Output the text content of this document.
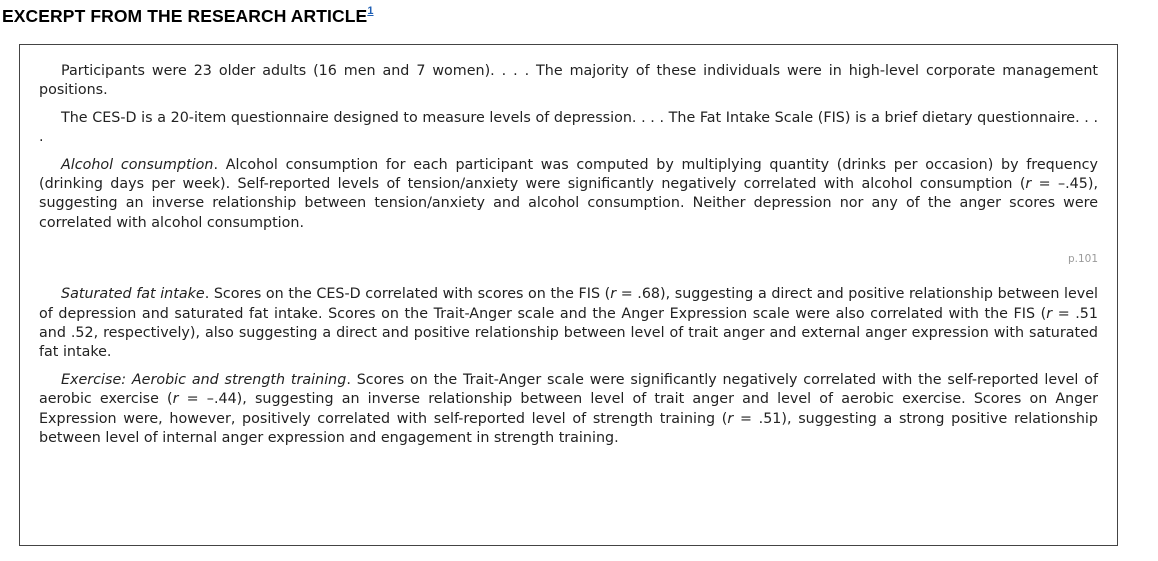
EXCERPT FROM THE RESEARCH ARTICLE$^1$

Participants were 23 older adults (16 men and 7 women). . . . The majority of these individuals were in high-level corporate management positions.

The CES-D is a 20-item questionnaire designed to measure levels of depression. . . . The Fat Intake Scale (FIS) is a brief dietary questionnaire. . . .

Alcohol consumption. Alcohol consumption for each participant was computed by multiplying quantity (drinks per occasion) by frequency (drinking days per week). Self-reported levels of tension/anxiety were significantly negatively correlated with alcohol consumption (r = –.45), suggesting an inverse relationship between tension/anxiety and alcohol consumption. Neither depression nor any of the anger scores were correlated with alcohol consumption.

p.101

Saturated fat intake. Scores on the CES-D correlated with scores on the FIS (r = .68), suggesting a direct and positive relationship between level of depression and saturated fat intake. Scores on the Trait-Anger scale and the Anger Expression scale were also correlated with the FIS (r = .51 and .52, respectively), also suggesting a direct and positive relationship between level of trait anger and external anger expression with saturated fat intake.

Exercise: Aerobic and strength training. Scores on the Trait-Anger scale were significantly negatively correlated with the self-reported level of aerobic exercise (r = –.44), suggesting an inverse relationship between level of trait anger and level of aerobic exercise. Scores on Anger Expression were, however, positively correlated with self-reported level of strength training (r = .51), suggesting a strong positive relationship between level of internal anger expression and engagement in strength training.
